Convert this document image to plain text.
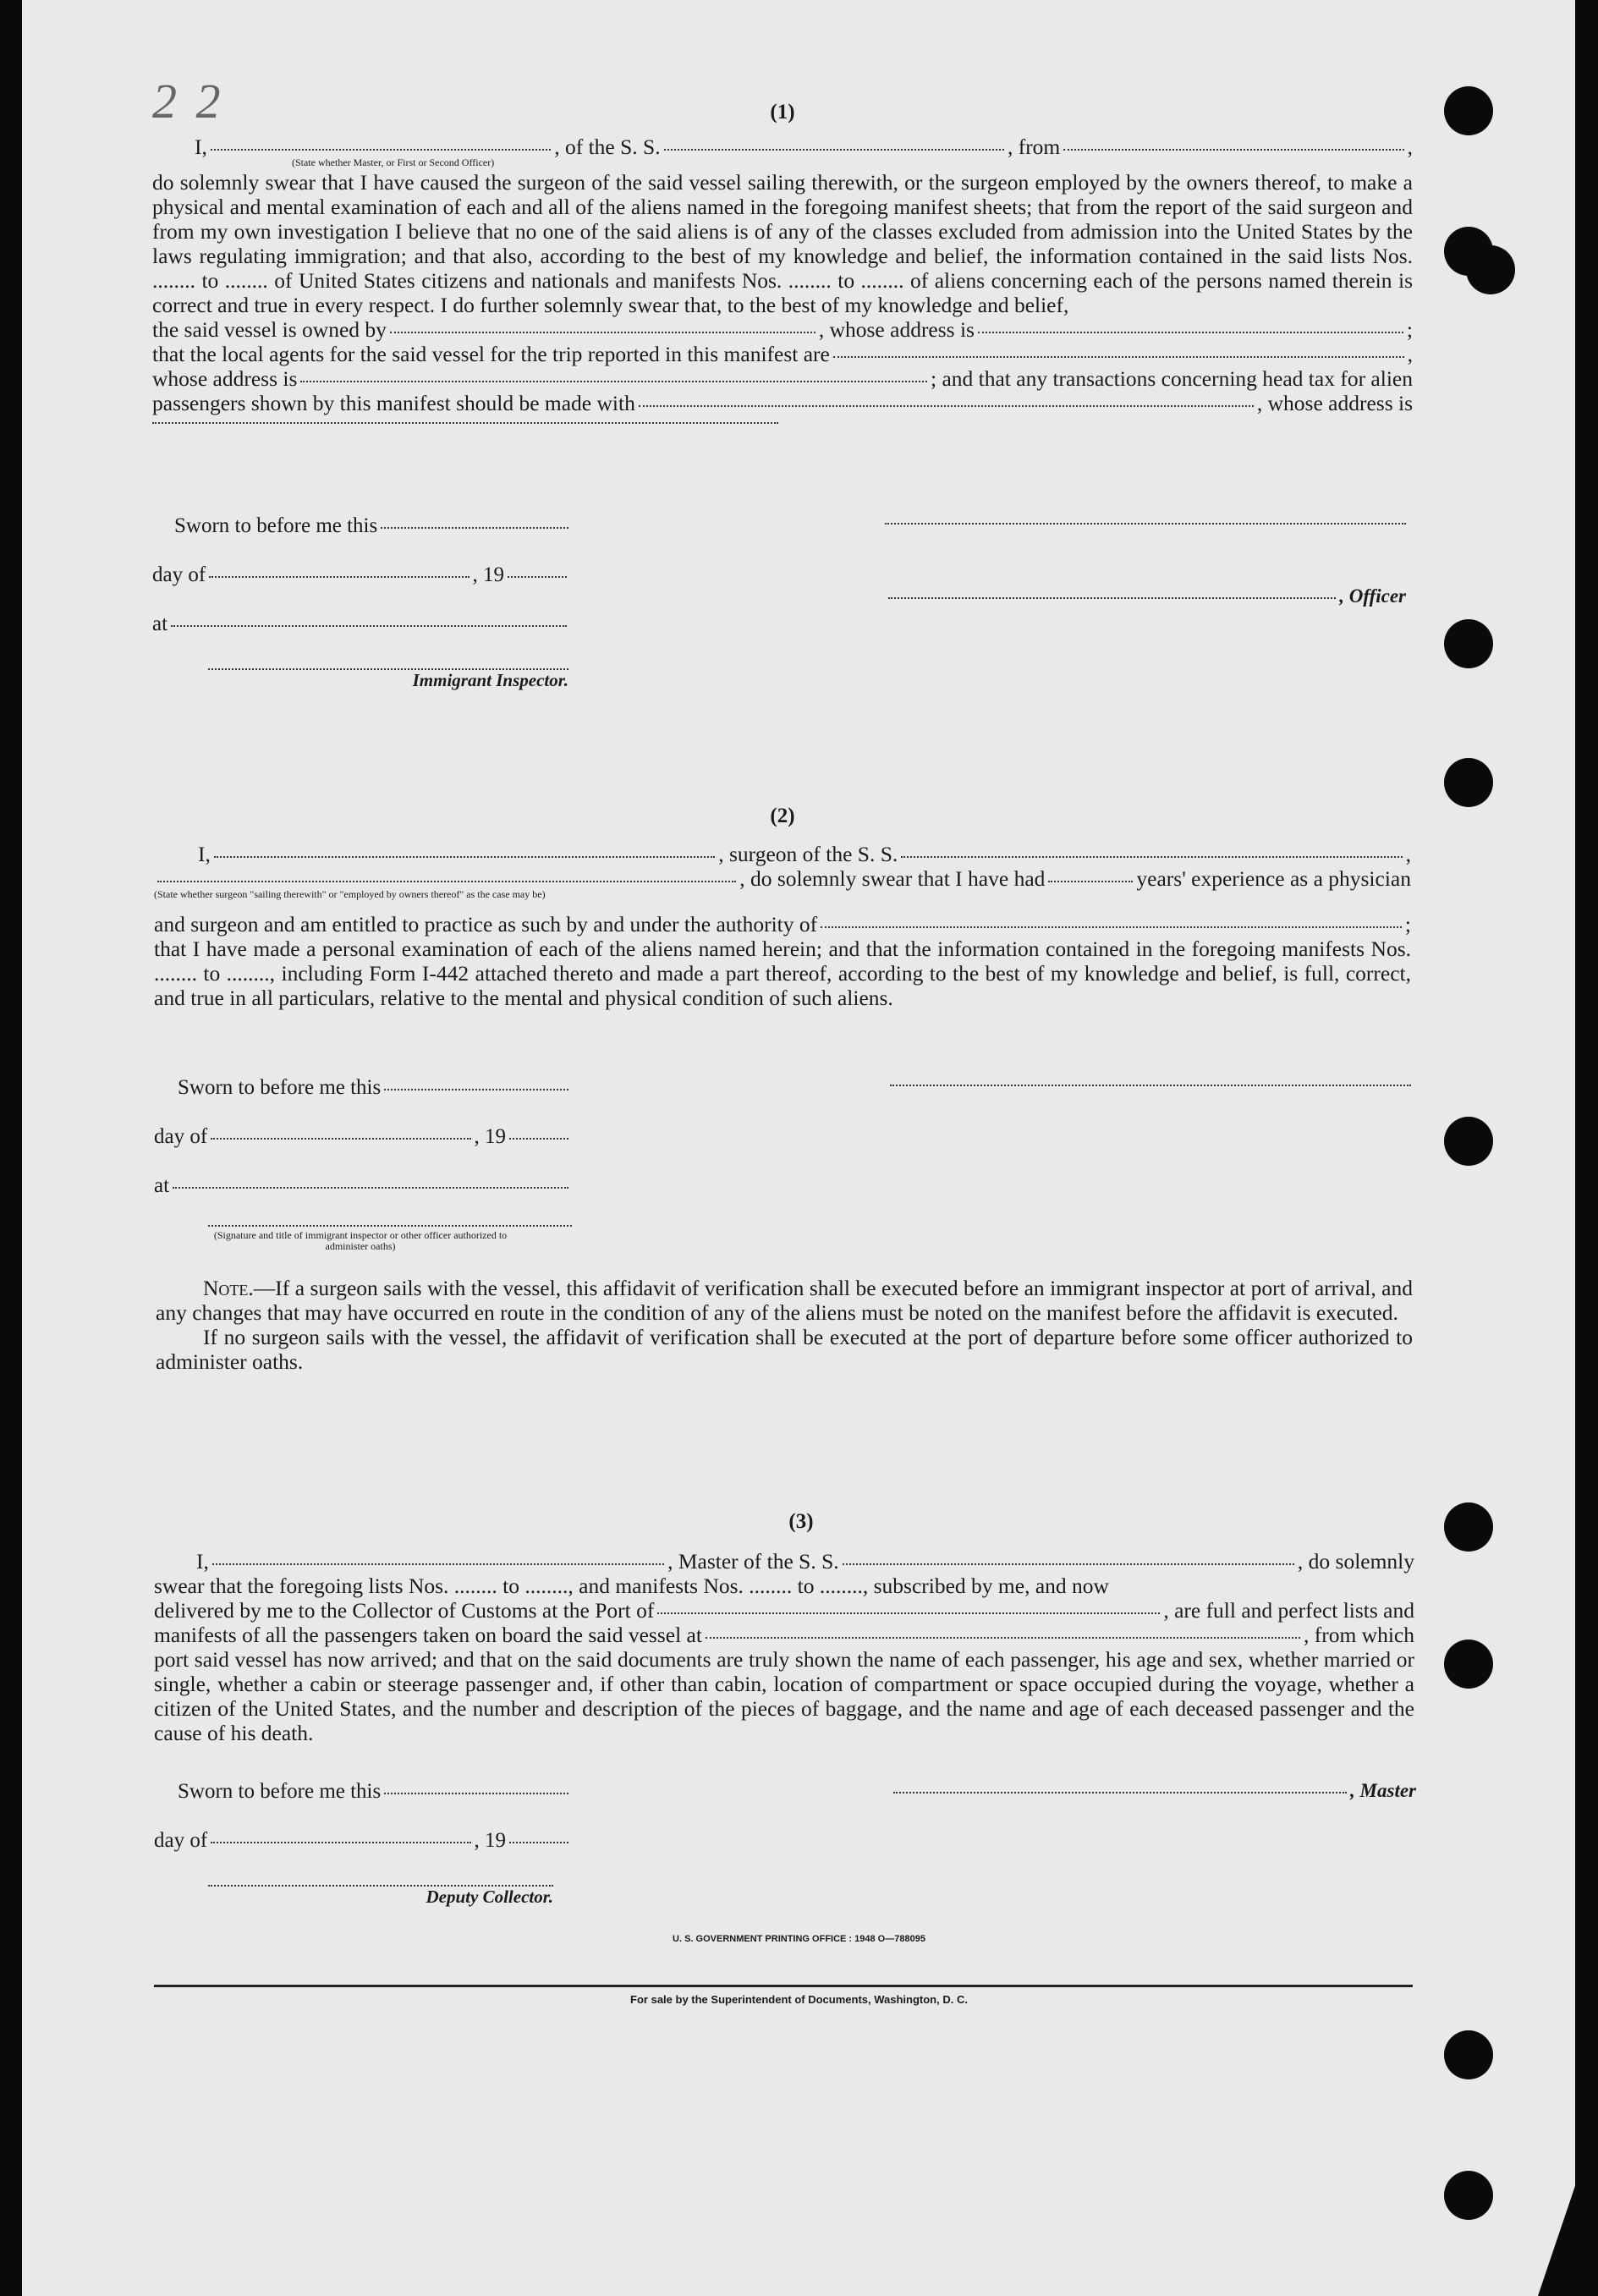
2 2	(1)
I,	, of the S. S.	, from	,
(State whether Master, or First or Second Officer)
do solemnly swear that I have caused the surgeon of the said vessel sailing therewith, or the surgeon employed by the owners thereof, to make a physical and mental examination of each and all of the aliens named in the foregoing manifest sheets; that from the report of the said surgeon and from my own investigation I believe that no one of the said aliens is of any of the classes excluded from admission into the United States by the laws regulating immigration; and that also, according to the best of my knowledge and belief, the information contained in the said lists Nos. ........ to ........ of United States citizens and nationals and manifests Nos. ........ to ........ of aliens concerning each of the persons named therein is correct and true in every respect. I do further solemnly swear that, to the best of my knowledge and belief,
the said vessel is owned by	, whose address is	;
that the local agents for the said vessel for the trip reported in this manifest are	,
whose address is	; and that any transactions concerning head tax for alien
passengers shown by this manifest should be made with	, whose address is
Sworn to before me this
day of	, 19
at
Immigrant Inspector.
, Officer
(2)
I,	, surgeon of the S. S.	,
, do solemnly swear that I have had	years' experience as a physician
(State whether surgeon "sailing therewith" or "employed by owners thereof" as the case may be)
and surgeon and am entitled to practice as such by and under the authority of	;
that I have made a personal examination of each of the aliens named herein; and that the information contained in the foregoing manifests Nos. ........ to ........, including Form I-442 attached thereto and made a part thereof, according to the best of my knowledge and belief, is full, correct, and true in all particulars, relative to the mental and physical condition of such aliens.
Sworn to before me this
day of	, 19
at
(Signature and title of immigrant inspector or other officer authorized to administer oaths)
Note.—If a surgeon sails with the vessel, this affidavit of verification shall be executed before an immigrant inspector at port of arrival, and any changes that may have occurred en route in the condition of any of the aliens must be noted on the manifest before the affidavit is executed.
If no surgeon sails with the vessel, the affidavit of verification shall be executed at the port of departure before some officer authorized to administer oaths.
(3)
I,	, Master of the S. S.	, do solemnly
swear that the foregoing lists Nos. ........ to ........, and manifests Nos. ........ to ........, subscribed by me, and now
delivered by me to the Collector of Customs at the Port of	, are full and perfect lists and
manifests of all the passengers taken on board the said vessel at	, from which
port said vessel has now arrived; and that on the said documents are truly shown the name of each passenger, his age and sex, whether married or single, whether a cabin or steerage passenger and, if other than cabin, location of compartment or space occupied during the voyage, whether a citizen of the United States, and the number and description of the pieces of baggage, and the name and age of each deceased passenger and the cause of his death.
Sworn to before me this	, Master
day of	, 19
Deputy Collector.
U. S. GOVERNMENT PRINTING OFFICE : 1948 O—788095
For sale by the Superintendent of Documents, Washington, D. C.
